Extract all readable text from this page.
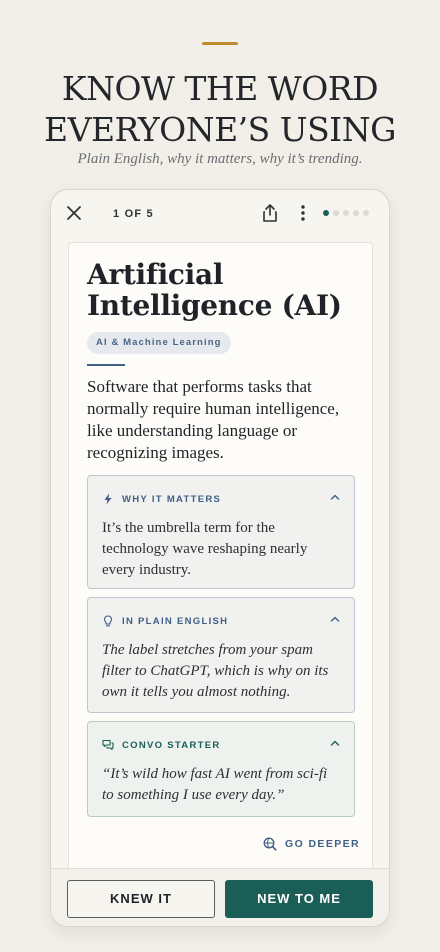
KNOW THE WORD
EVERYONE’S USING

Plain English, why it matters, why it’s trending.

1 OF 5
Artificial
Intelligence (AI)
AI & Machine Learning

Software that performs tasks that normally require human intelligence, like understanding language or recognizing images.

WHY IT MATTERS

It’s the umbrella term for the technology wave reshaping nearly every industry.

IN PLAIN ENGLISH

The label stretches from your spam filter to ChatGPT, which is why on its own it tells you almost nothing.

CONVO STARTER

“It’s wild how fast AI went from sci-fi to something I use every day.”

GO DEEPER
KNEW IT	NEW TO ME
